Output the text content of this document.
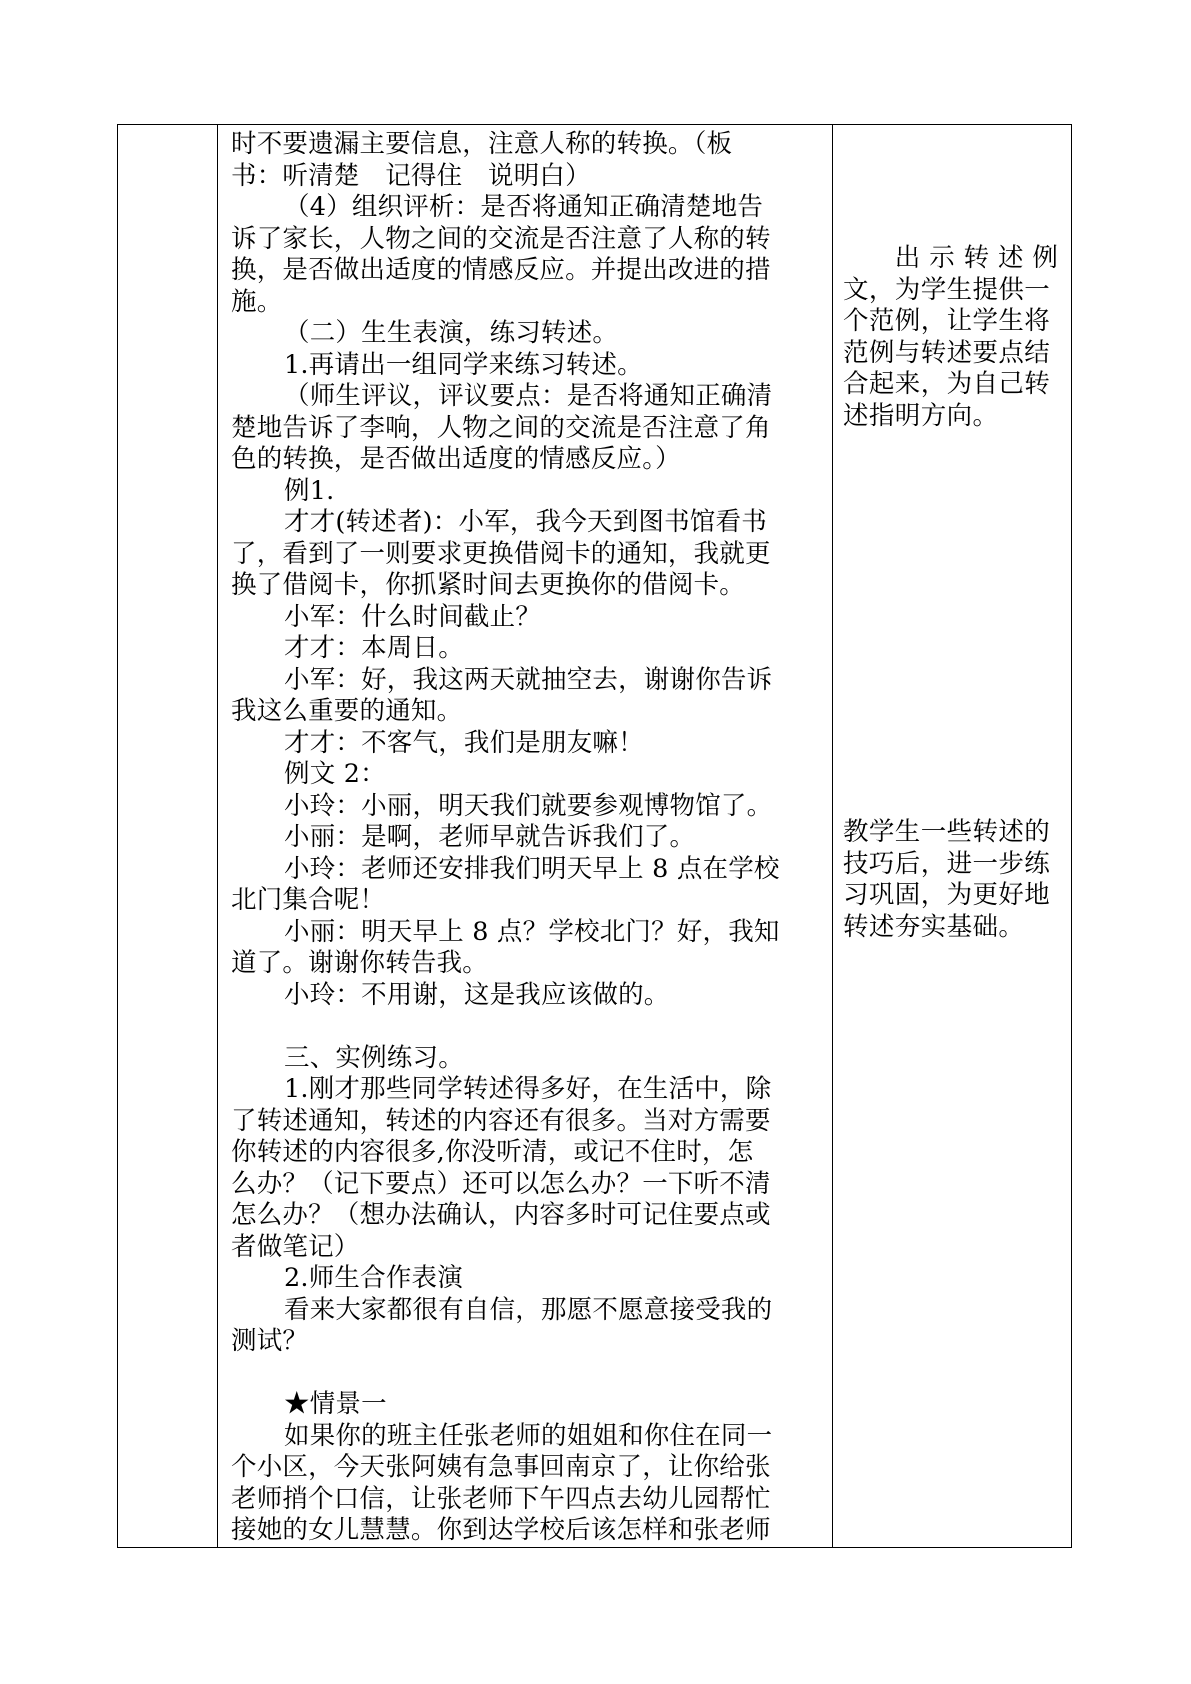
时不要遗漏主要信息，注意人称的转换。（板
书：听清楚　记得住　说明白）
（4）组织评析：是否将通知正确清楚地告
诉了家长，人物之间的交流是否注意了人称的转
换，是否做出适度的情感反应。并提出改进的措
施。
（二）生生表演，练习转述。
1.再请出一组同学来练习转述。
（师生评议，评议要点：是否将通知正确清
楚地告诉了李响，人物之间的交流是否注意了角
色的转换，是否做出适度的情感反应。）
例1.
才才(转述者)：小军，我今天到图书馆看书
了，看到了一则要求更换借阅卡的通知，我就更
换了借阅卡，你抓紧时间去更换你的借阅卡。
小军：什么时间截止？
才才：本周日。
小军：好，我这两天就抽空去，谢谢你告诉
我这么重要的通知。
才才：不客气，我们是朋友嘛！
例文 2：
小玲：小丽，明天我们就要参观博物馆了。
小丽：是啊，老师早就告诉我们了。
小玲：老师还安排我们明天早上 8 点在学校
北门集合呢！
小丽：明天早上 8 点？学校北门？好，我知
道了。谢谢你转告我。
小玲：不用谢，这是我应该做的。
三、实例练习。
1.刚才那些同学转述得多好，在生活中，除
了转述通知，转述的内容还有很多。当对方需要
你转述的内容很多,你没听清，或记不住时，怎
么办？（记下要点）还可以怎么办？一下听不清
怎么办？（想办法确认，内容多时可记住要点或
者做笔记）
2.师生合作表演
看来大家都很有自信，那愿不愿意接受我的
测试？
★情景一
如果你的班主任张老师的姐姐和你住在同一
个小区，今天张阿姨有急事回南京了，让你给张
老师捎个口信，让张老师下午四点去幼儿园帮忙
接她的女儿慧慧。你到达学校后该怎样和张老师

　　出 示 转 述 例
文，为学生提供一
个范例，让学生将
范例与转述要点结
合起来，为自己转
述指明方向。
教学生一些转述的
技巧后，进一步练
习巩固，为更好地
转述夯实基础。
